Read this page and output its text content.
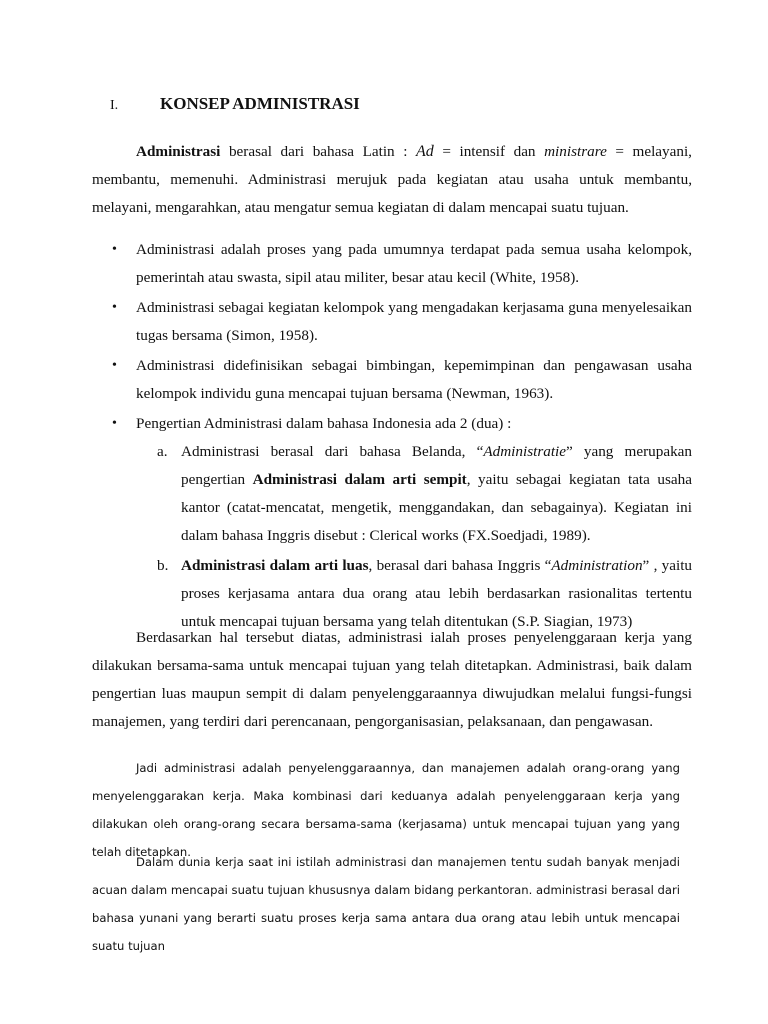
I. KONSEP ADMINISTRASI

Administrasi berasal dari bahasa Latin : Ad = intensif dan ministrare = melayani, membantu, memenuhi. Administrasi merujuk pada kegiatan atau usaha untuk membantu, melayani, mengarahkan, atau mengatur semua kegiatan di dalam mencapai suatu tujuan.

• Administrasi adalah proses yang pada umumnya terdapat pada semua usaha kelompok, pemerintah atau swasta, sipil atau militer, besar atau kecil (White, 1958).
• Administrasi sebagai kegiatan kelompok yang mengadakan kerjasama guna menyelesaikan tugas bersama (Simon, 1958).
• Administrasi didefinisikan sebagai bimbingan, kepemimpinan dan pengawasan usaha kelompok individu guna mencapai tujuan bersama (Newman, 1963).
• Pengertian Administrasi dalam bahasa Indonesia ada 2 (dua) :
a. Administrasi berasal dari bahasa Belanda, “Administratie” yang merupakan pengertian Administrasi dalam arti sempit, yaitu sebagai kegiatan tata usaha kantor (catat-mencatat, mengetik, menggandakan, dan sebagainya). Kegiatan ini dalam bahasa Inggris disebut : Clerical works (FX.Soedjadi, 1989).
b. Administrasi dalam arti luas, berasal dari bahasa Inggris “Administration” , yaitu proses kerjasama antara dua orang atau lebih berdasarkan rasionalitas tertentu untuk mencapai tujuan bersama yang telah ditentukan (S.P. Siagian, 1973)

Berdasarkan hal tersebut diatas, administrasi ialah proses penyelenggaraan kerja yang dilakukan bersama-sama untuk mencapai tujuan yang telah ditetapkan. Administrasi, baik dalam pengertian luas maupun sempit di dalam penyelenggaraannya diwujudkan melalui fungsi-fungsi manajemen, yang terdiri dari perencanaan, pengorganisasian, pelaksanaan, dan pengawasan.

Jadi administrasi adalah penyelenggaraannya, dan manajemen adalah orang-orang yang menyelenggarakan kerja. Maka kombinasi dari keduanya adalah penyelenggaraan kerja yang dilakukan oleh orang-orang secara bersama-sama (kerjasama) untuk mencapai tujuan yang yang telah ditetapkan.

Dalam dunia kerja saat ini istilah administrasi dan manajemen tentu sudah banyak menjadi acuan dalam mencapai suatu tujuan khususnya dalam bidang perkantoran. administrasi berasal dari bahasa yunani yang berarti suatu proses kerja sama antara dua orang atau lebih untuk mencapai suatu tujuan
